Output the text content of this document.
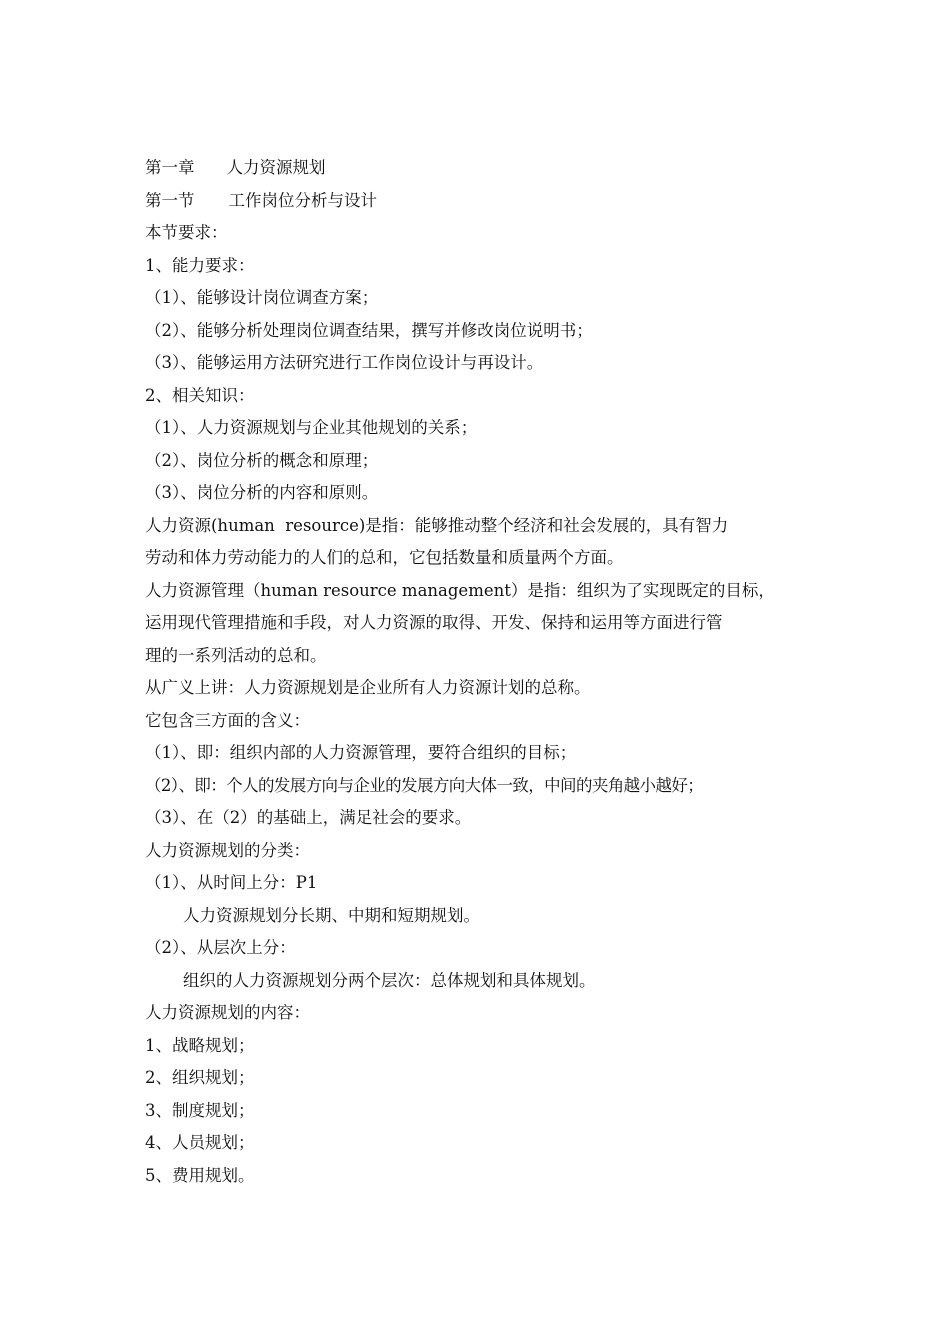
第一章 人力资源规划
第一节 工作岗位分析与设计
本节要求：
1、能力要求：
（1）、能够设计岗位调查方案；
（2）、能够分析处理岗位调查结果，撰写并修改岗位说明书；
（3）、能够运用方法研究进行工作岗位设计与再设计。
2、相关知识：
（1）、人力资源规划与企业其他规划的关系；
（2）、岗位分析的概念和原理；
（3）、岗位分析的内容和原则。
人力资源(human  resource)是指：能够推动整个经济和社会发展的，具有智力
劳动和体力劳动能力的人们的总和，它包括数量和质量两个方面。
人力资源管理（human resource management）是指：组织为了实现既定的目标，
运用现代管理措施和手段，对人力资源的取得、开发、保持和运用等方面进行管
理的一系列活动的总和。
从广义上讲：人力资源规划是企业所有人力资源计划的总称。
它包含三方面的含义：
（1）、即：组织内部的人力资源管理，要符合组织的目标；
（2）、即：个人的发展方向与企业的发展方向大体一致，中间的夹角越小越好；
（3）、在（2）的基础上，满足社会的要求。
人力资源规划的分类：
（1）、从时间上分：P1
人力资源规划分长期、中期和短期规划。
（2）、从层次上分：
组织的人力资源规划分两个层次：总体规划和具体规划。
人力资源规划的内容：
1、战略规划；
2、组织规划；
3、制度规划；
4、人员规划；
5、费用规划。
